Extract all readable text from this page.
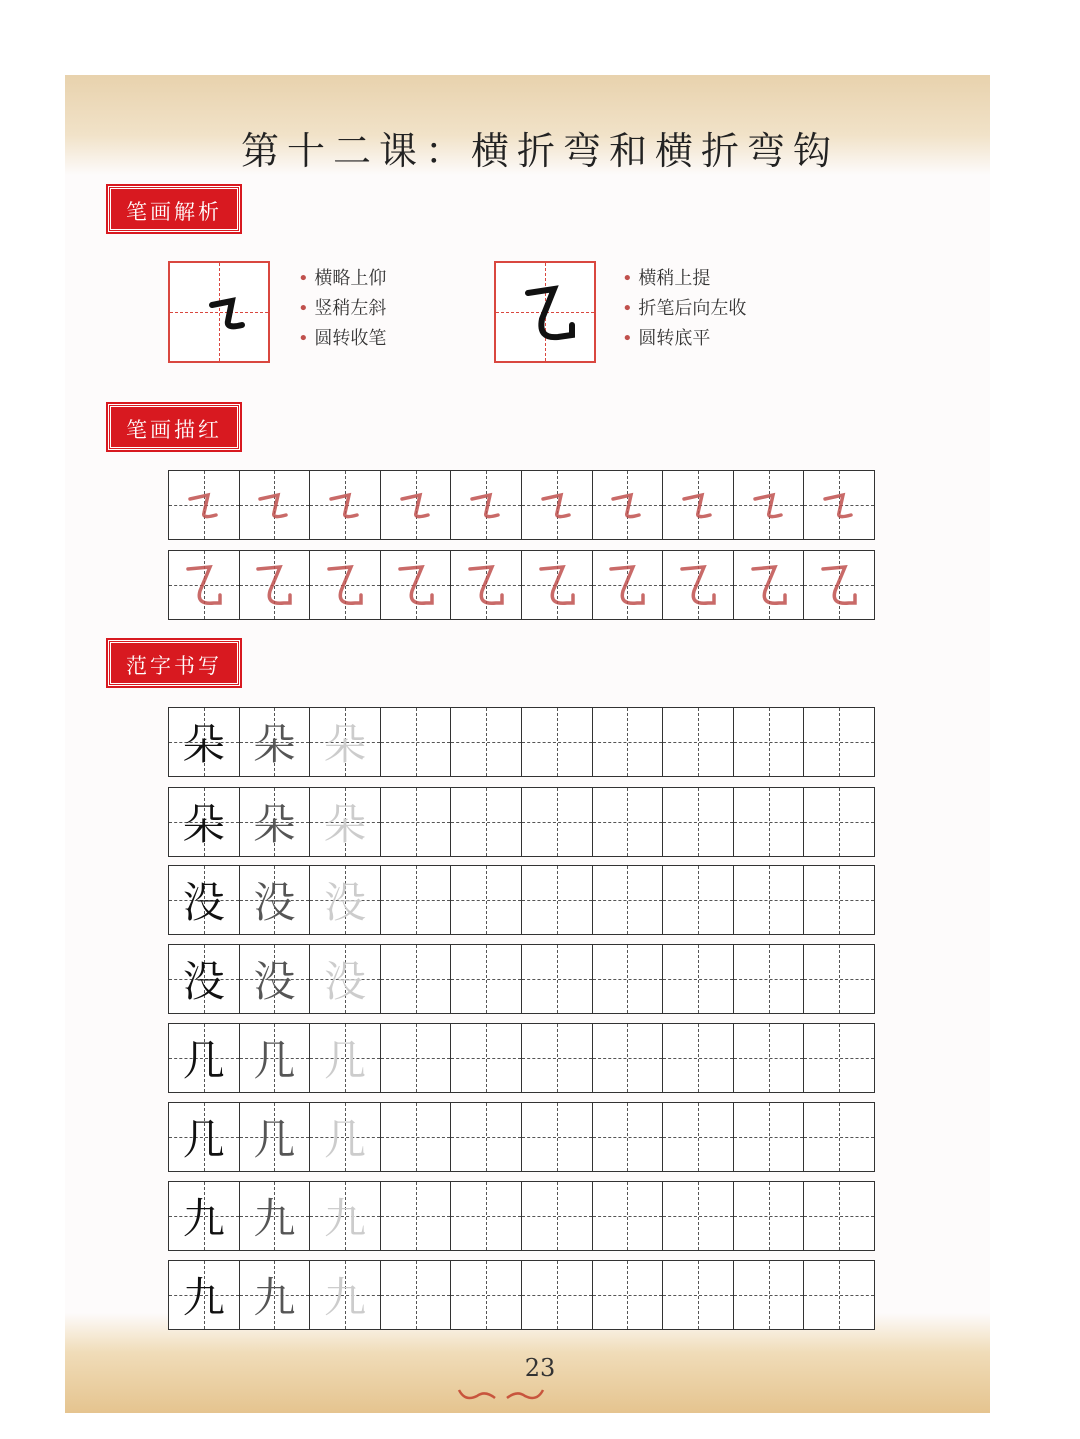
第十二课：横折弯和横折弯钩
笔画解析
• 横略上仰
• 竖稍左斜
• 圆转收笔
• 横稍上提
• 折笔后向左收
• 圆转底平
笔画描红
范字书写
朵 朵 朵
朵 朵 朵
没 没 没
没 没 没
几 几 几
几 几 几
九 九 九
九 九 九
23
